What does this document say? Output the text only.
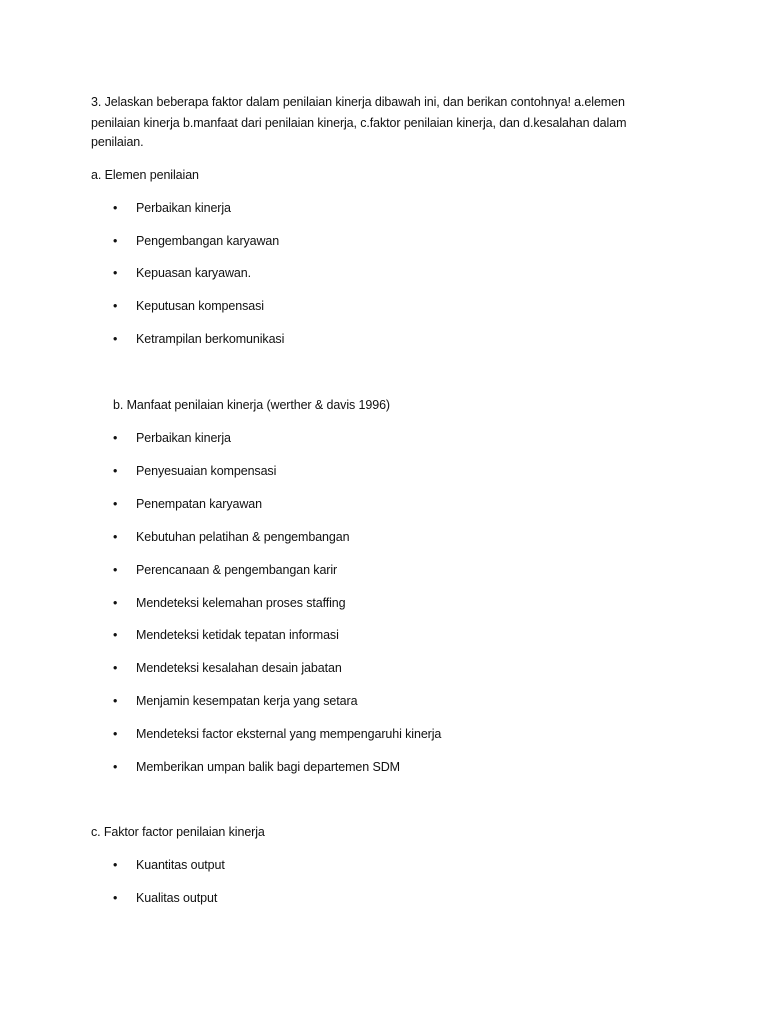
3. Jelaskan beberapa faktor dalam penilaian kinerja dibawah ini, dan berikan contohnya! a.elemen
penilaian kinerja b.manfaat dari penilaian kinerja, c.faktor penilaian kinerja, dan d.kesalahan dalam
penilaian.
a. Elemen penilaian
• Perbaikan kinerja
• Pengembangan karyawan
• Kepuasan karyawan.
• Keputusan kompensasi
• Ketrampilan berkomunikasi
b. Manfaat penilaian kinerja (werther & davis 1996)
• Perbaikan kinerja
• Penyesuaian kompensasi
• Penempatan karyawan
• Kebutuhan pelatihan & pengembangan
• Perencanaan & pengembangan karir
• Mendeteksi kelemahan proses staffing
• Mendeteksi ketidak tepatan informasi
• Mendeteksi kesalahan desain jabatan
• Menjamin kesempatan kerja yang setara
• Mendeteksi factor eksternal yang mempengaruhi kinerja
• Memberikan umpan balik bagi departemen SDM
c. Faktor factor penilaian kinerja
• Kuantitas output
• Kualitas output
